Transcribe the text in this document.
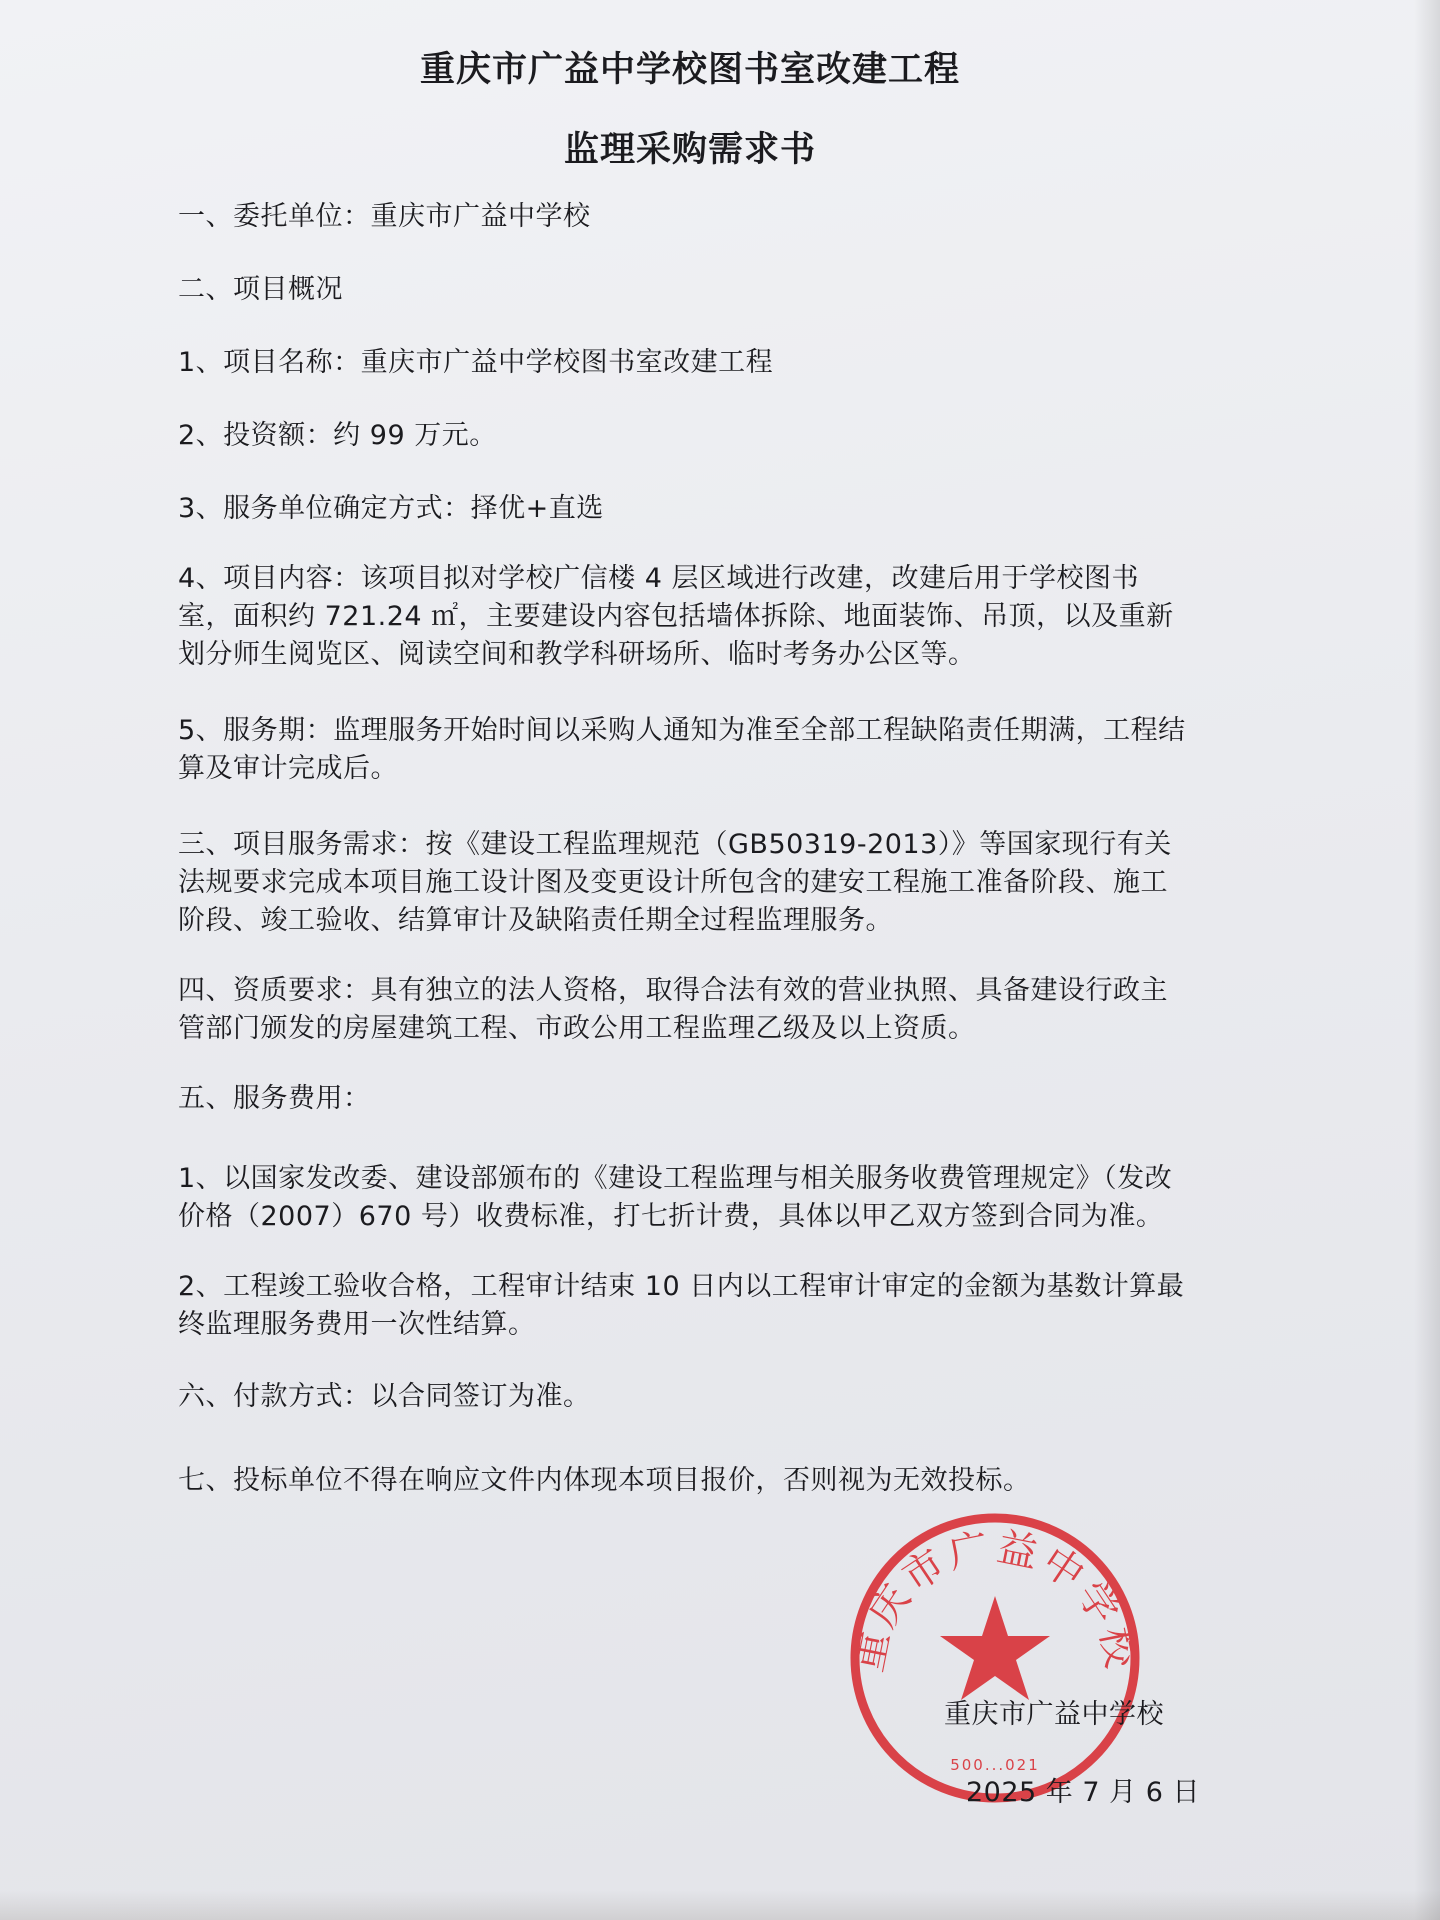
重庆市广益中学校图书室改建工程
监理采购需求书
一、委托单位：重庆市广益中学校
二、项目概况
1、项目名称：重庆市广益中学校图书室改建工程
2、投资额：约 99 万元。
3、服务单位确定方式：择优+直选
4、项目内容：该项目拟对学校广信楼 4 层区域进行改建，改建后用于学校图书室，面积约 721.24 ㎡，主要建设内容包括墙体拆除、地面装饰、吊顶，以及重新划分师生阅览区、阅读空间和教学科研场所、临时考务办公区等。
5、服务期：监理服务开始时间以采购人通知为准至全部工程缺陷责任期满，工程结算及审计完成后。
三、项目服务需求：按《建设工程监理规范（GB50319-2013）》等国家现行有关法规要求完成本项目施工设计图及变更设计所包含的建安工程施工准备阶段、施工阶段、竣工验收、结算审计及缺陷责任期全过程监理服务。
四、资质要求：具有独立的法人资格，取得合法有效的营业执照、具备建设行政主管部门颁发的房屋建筑工程、市政公用工程监理乙级及以上资质。
五、服务费用：
1、以国家发改委、建设部颁布的《建设工程监理与相关服务收费管理规定》（发改价格（2007）670 号）收费标准，打七折计费，具体以甲乙双方签到合同为准。
2、工程竣工验收合格，工程审计结束 10 日内以工程审计审定的金额为基数计算最终监理服务费用一次性结算。
六、付款方式：以合同签订为准。
七、投标单位不得在响应文件内体现本项目报价，否则视为无效投标。
重庆市广益中学校
500...021
重庆市广益中学校
2025 年 7 月 6 日
